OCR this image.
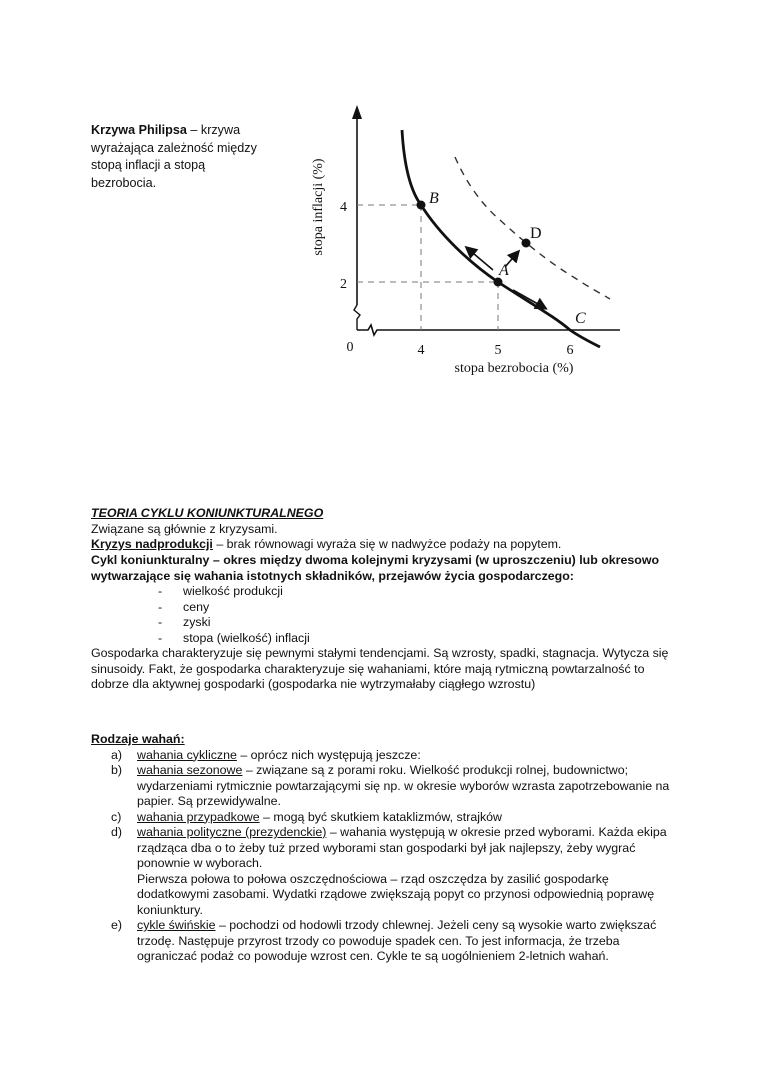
Krzywa Philipsa – krzywa wyrażająca zależność między stopą inflacji a stopą bezrobocia.
4
2
0	4	5	6
stopa bezrobocia (%)
stopa inflacji (%)	B
A
D
C

TEORIA CYKLU KONIUNKTURALNEGO

Związane są głównie z kryzysami.

Kryzys nadprodukcji – brak równowagi wyraża się w nadwyżce podaży na popytem.

Cykl koniunkturalny – okres między dwoma kolejnymi kryzysami (w uproszczeniu) lub okresowo wytwarzające się wahania istotnych składników, przejawów życia gospodarczego:

- wielkość produkcji
- ceny
- zyski
- stopa (wielkość) inflacji

Gospodarka charakteryzuje się pewnymi stałymi tendencjami. Są wzrosty, spadki, stagnacja. Wytycza się sinusoidy. Fakt, że gospodarka charakteryzuje się wahaniami, które mają rytmiczną powtarzalność to dobrze dla aktywnej gospodarki (gospodarka nie wytrzymałaby ciągłego wzrostu)

Rodzaje wahań:

a) wahania cykliczne – oprócz nich występują jeszcze:
b) wahania sezonowe – związane są z porami roku. Wielkość produkcji rolnej, budownictwo; wydarzeniami rytmicznie powtarzającymi się np. w okresie wyborów wzrasta zapotrzebowanie na papier. Są przewidywalne.
c) wahania przypadkowe – mogą być skutkiem kataklizmów, strajków
d) wahania polityczne (prezydenckie) – wahania występują w okresie przed wyborami. Każda ekipa rządząca dba o to żeby tuż przed wyborami stan gospodarki był jak najlepszy, żeby wygrać ponownie w wyborach.
Pierwsza połowa to połowa oszczędnościowa – rząd oszczędza by zasilić gospodarkę dodatkowymi zasobami. Wydatki rządowe zwiększają popyt co przynosi odpowiednią poprawę koniunktury.
e) cykle świńskie – pochodzi od hodowli trzody chlewnej. Jeżeli ceny są wysokie warto zwiększać trzodę. Następuje przyrost trzody co powoduje spadek cen. To jest informacja, że trzeba ograniczać podaż co powoduje wzrost cen. Cykle te są uogólnieniem 2-letnich wahań.
